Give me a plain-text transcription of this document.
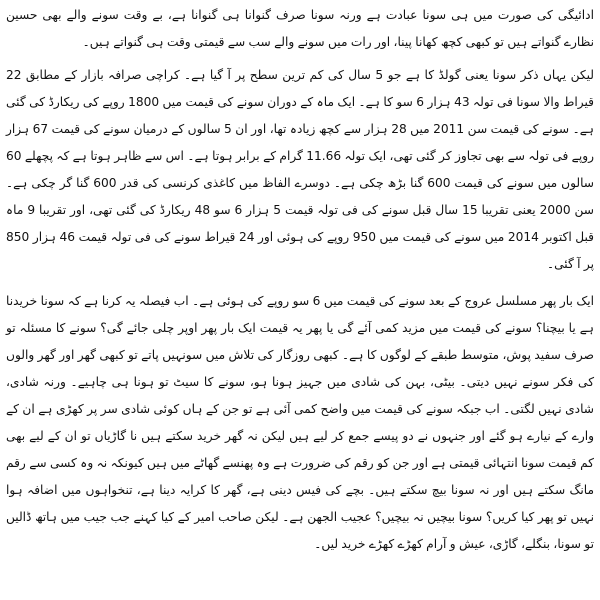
ادائیگی کی صورت میں ہی سونا عبادت ہے ورنہ سونا صرف گنوانا ہی گنوانا ہے، بے وقت سونے والے بھی حسین نظارے گنواتے ہیں تو کبھی کچھ کھانا پینا، اور رات میں سونے والے سب سے قیمتی وقت ہی گنواتے ہیں۔

لیکن یہاں ذکر سونا یعنی گولڈ کا ہے جو 5 سال کی کم ترین سطح پر آ گیا ہے۔ کراچی صرافہ بازار کے مطابق 22 قیراط والا سونا فی تولہ 43 ہزار 6 سو کا ہے۔ ایک ماہ کے دوران سونے کی قیمت میں 1800 روپے کی ریکارڈ کی گئی ہے۔ سونے کی قیمت سن 2011 میں 28 ہزار سے کچھ زیادہ تھا، اور ان 5 سالوں کے درمیان سونے کی قیمت 67 ہزار روپے فی تولہ سے بھی تجاوز کر گئی تھی، ایک تولہ 11.66 گرام کے برابر ہوتا ہے۔ اس سے ظاہر ہوتا ہے کہ پچھلے 60 سالوں میں سونے کی قیمت 600 گنا بڑھ چکی ہے۔ دوسرے الفاظ میں کاغذی کرنسی کی قدر 600 گنا گر چکی ہے۔ سن 2000 یعنی تقریبا 15 سال قبل سونے کی فی تولہ قیمت 5 ہزار 6 سو 48 ریکارڈ کی گئی تھی، اور تقریبا 9 ماہ قبل اکتوبر 2014 میں سونے کی قیمت میں 950 روپے کی ہوئی اور 24 قیراط سونے کی فی تولہ قیمت 46 ہزار 850 پر آ گئی۔

ایک بار پھر مسلسل عروج کے بعد سونے کی قیمت میں 6 سو روپے کی ہوئی ہے۔ اب فیصلہ یہ کرنا ہے کہ سونا خریدنا ہے یا بیچنا؟ سونے کی قیمت میں مزید کمی آئے گی یا پھر یہ قیمت ایک بار پھر اوپر چلی جائے گی؟ سونے کا مسئلہ تو صرف سفید پوش، متوسط طبقے کے لوگوں کا ہے۔ کبھی روزگار کی تلاش میں سونہیں پاتے تو کبھی گھر اور گھر والوں کی فکر سونے نہیں دیتی۔ بیٹی، بہن کی شادی میں جہیز ہونا ہو، سونے کا سیٹ تو ہونا ہی چاہیے۔ ورنہ شادی، شادی نہیں لگتی۔ اب جبکہ سونے کی قیمت میں واضح کمی آئی ہے تو جن کے ہاں کوئی شادی سر پر کھڑی ہے ان کے وارے کے نیارے ہو گئے اور جنہوں نے دو پیسے جمع کر لیے ہیں لیکن نہ گھر خرید سکتے ہیں نا گاڑیاں تو ان کے لیے بھی کم قیمت سونا انتہائی قیمتی ہے اور جن کو رقم کی ضرورت ہے وہ پھنسے گھاٹے میں ہیں کیونکہ نہ وہ کسی سے رقم مانگ سکتے ہیں اور نہ سونا بیچ سکتے ہیں۔ بچے کی فیس دینی ہے، گھر کا کرایہ دینا ہے، تنخواہوں میں اضافہ ہوا نہیں تو پھر کیا کریں؟ سونا بیچیں نہ بیچیں؟ عجیب الجھن ہے۔ لیکن صاحب امیر کے کیا کہنے جب جیب میں ہاتھ ڈالیں تو سونا، بنگلے، گاڑی، عیش و آرام کھڑے کھڑے خرید لیں۔
